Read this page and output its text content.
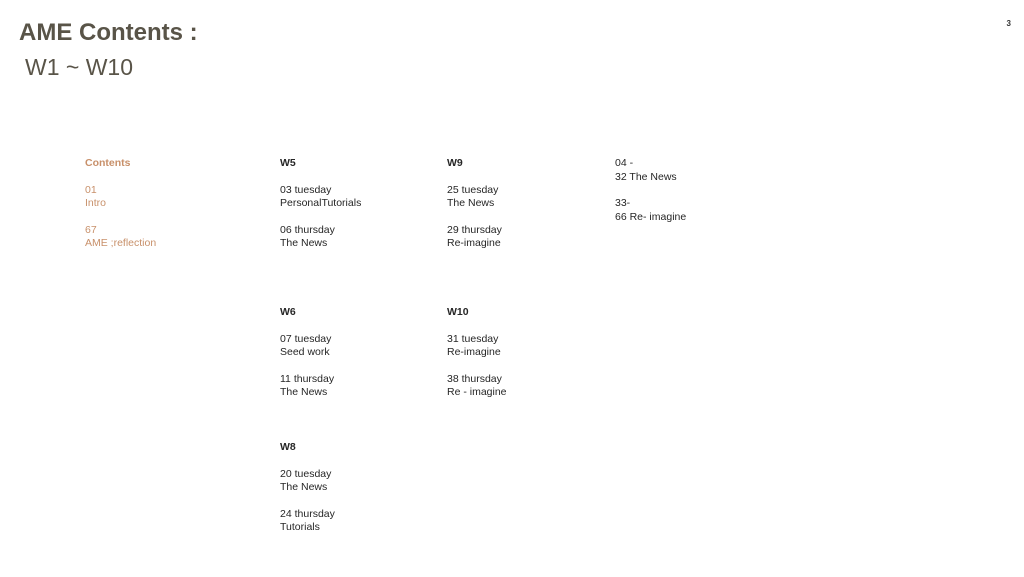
3
AME Contents :
W1 ~ W10
Contents
01
Intro
67
AME ;reflection
W5
03 tuesday
PersonalTutorials
06 thursday
The News
W9
25 tuesday
The News
29 thursday
Re-imagine
04 -
32 The News
33-
66 Re- imagine
W6
07 tuesday
Seed work
11 thursday
The News
W10
31 tuesday
Re-imagine
38 thursday
Re - imagine
W8
20 tuesday
The News
24 thursday
Tutorials
